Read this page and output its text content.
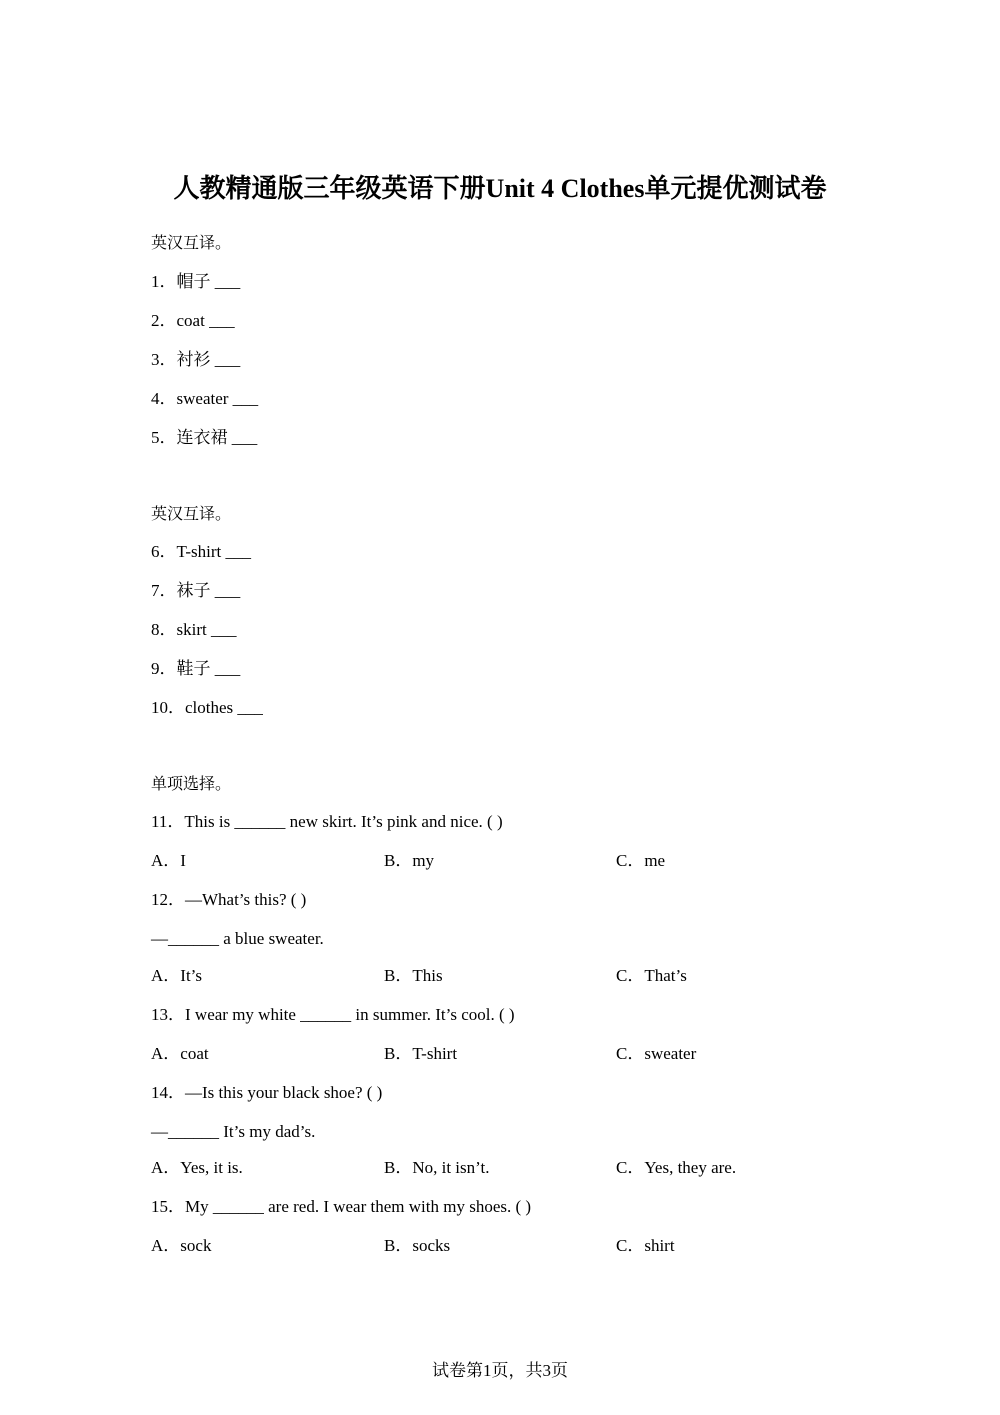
人教精通版三年级英语下册Unit 4 Clothes单元提优测试卷
英汉互译。
1．帽子 ___
2．coat ___
3．衬衫 ___
4．sweater ___
5．连衣裙 ___
英汉互译。
6．T-shirt ___
7．袜子 ___
8．skirt ___
9．鞋子 ___
10．clothes ___
单项选择。
11．This is ______ new skirt. It’s pink and nice. ( )
A．I	B．my	C．me
12．—What’s this? ( )
—______ a blue sweater.
A．It’s	B．This	C．That’s
13．I wear my white ______ in summer. It’s cool. ( )
A．coat	B．T-shirt	C．sweater
14．—Is this your black shoe? ( )
—______ It’s my dad’s.
A．Yes, it is.	B．No, it isn’t.	C．Yes, they are.
15．My ______ are red. I wear them with my shoes. ( )
A．sock	B．socks	C．shirt
试卷第1页，共3页
